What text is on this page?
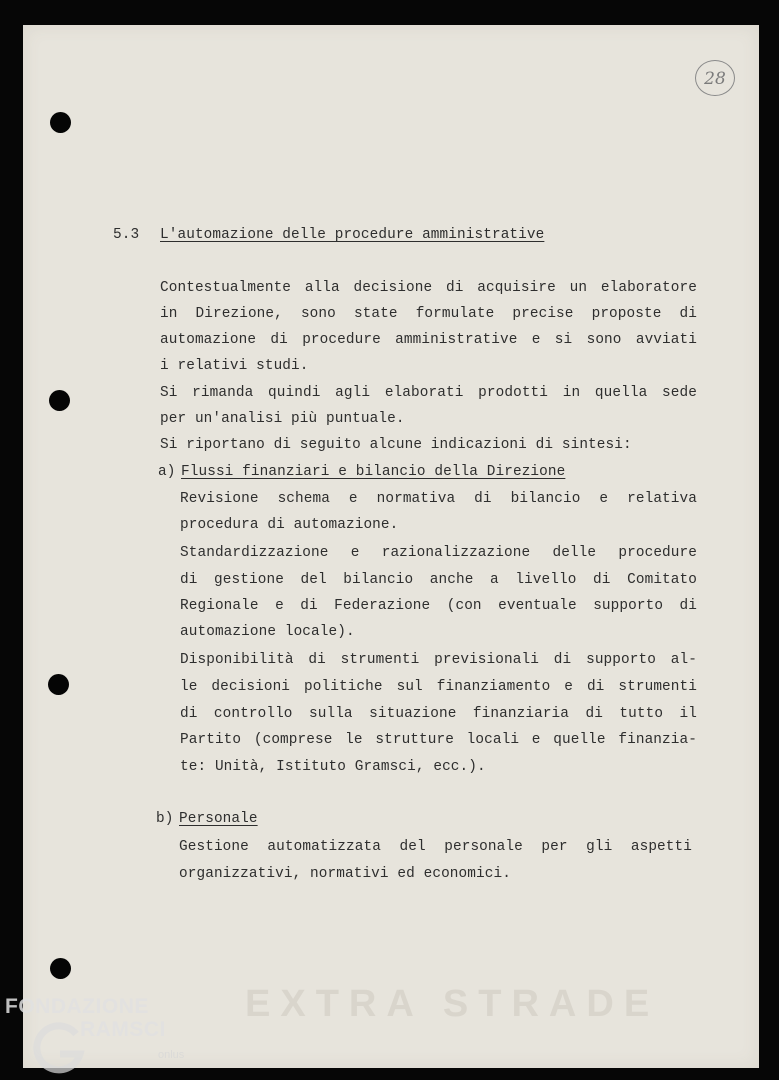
28
EXTRA STRADE
5.3 L'automazione delle procedure amministrative
Contestualmente alla decisione di acquisire un elaboratore
in Direzione, sono state formulate precise proposte di
automazione di procedure amministrative e si sono avviati
i relativi studi.
Si rimanda quindi agli elaborati prodotti in quella sede
per un'analisi più puntuale.
Si riportano di seguito alcune indicazioni di sintesi:
a) Flussi finanziari e bilancio della Direzione
Revisione schema e normativa di bilancio e relativa
procedura di automazione.
Standardizzazione e razionalizzazione delle procedure
di gestione del bilancio anche a livello di Comitato
Regionale e di Federazione (con eventuale supporto di
automazione locale).
Disponibilità di strumenti previsionali di supporto al-
le decisioni politiche sul finanziamento e di strumenti
di controllo sulla situazione finanziaria di tutto il
Partito (comprese le strutture locali e quelle finanzia-
te: Unità, Istituto Gramsci, ecc.).
b) Personale
Gestione automatizzata del personale per gli aspetti
organizzativi, normativi ed economici.
FONDAZIONE
RAMSCI
onlus
